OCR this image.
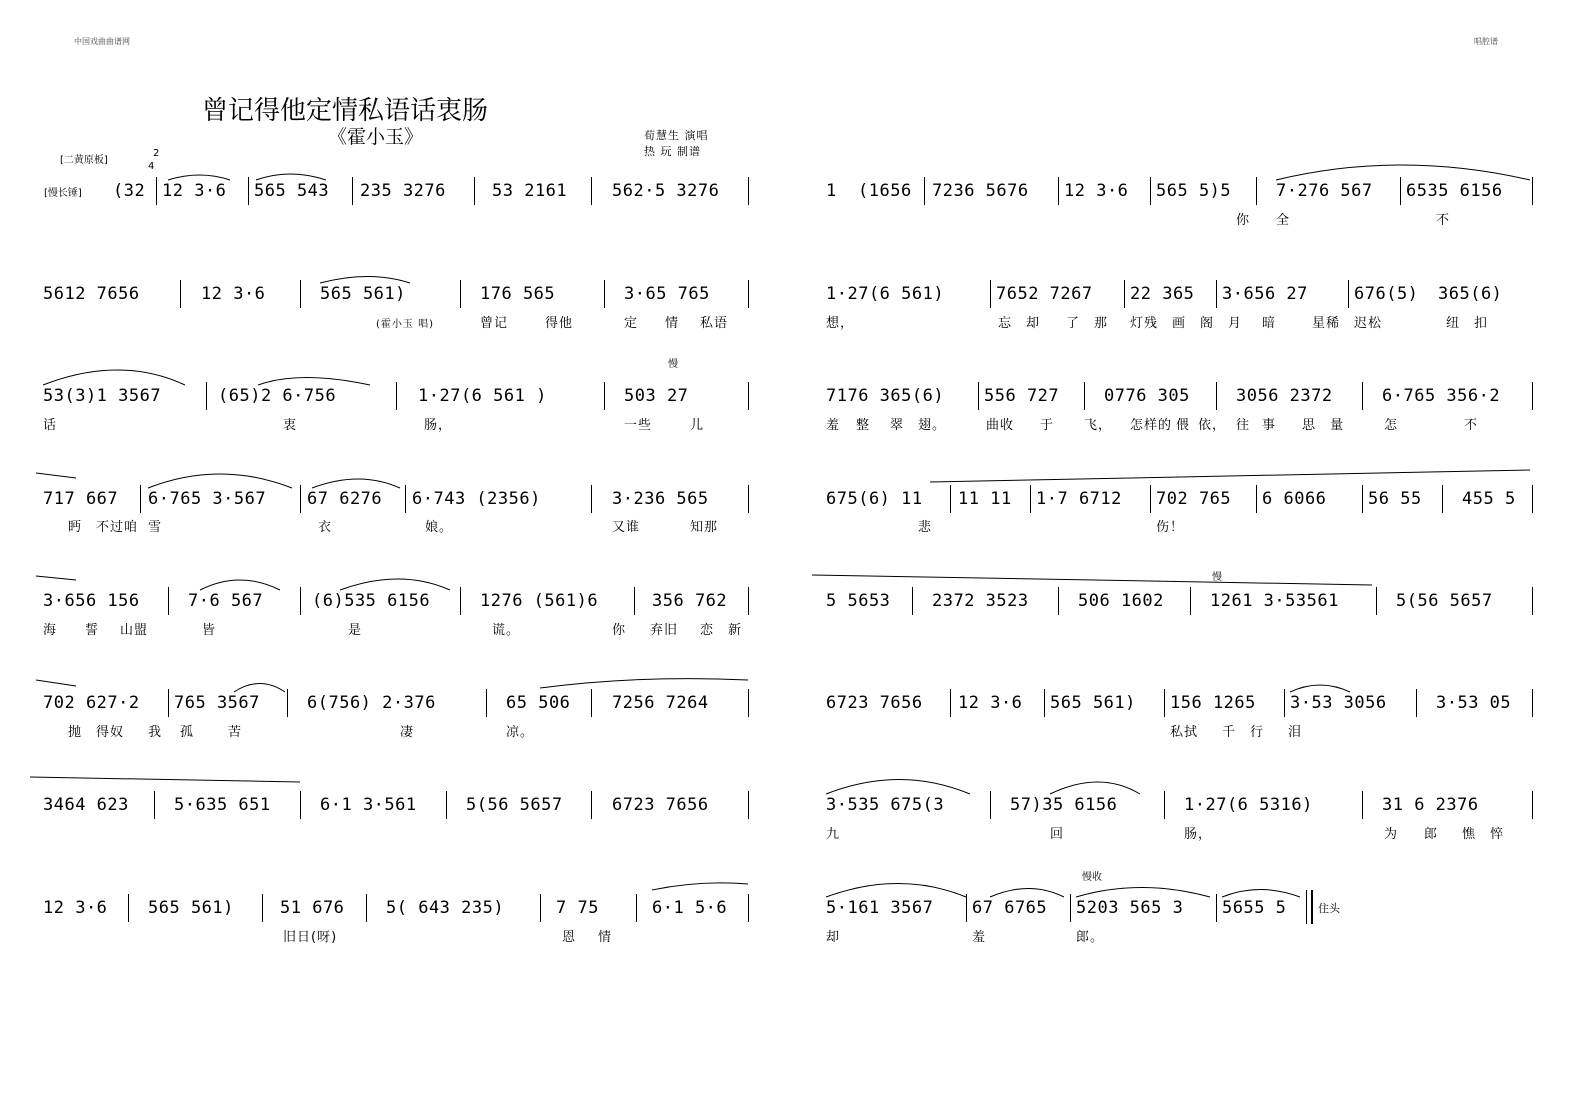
中国戏曲曲谱网	唱腔谱
曾记得他定情私语话衷肠
《霍小玉》	荀慧生 演唱
热 玩 制谱
[二黄原板]
[慢长锤]
2
4
(32 12 3·6 565 543 235 3276	53 2161	562·5 3276
5612 7656	12 3·6	565 561)	176 565	3·65 765
(霍小玉 唱)	曾记	得他	定 情 私语
53(3)1 3567	(65)2 6·756	1·27(6 561 )	503 27
慢
话	衷	肠，	一些	儿
717 667 6·765 3·567 67 6276 6·743 (2356)	3·236 565
眄 不过咱 雪	衣	娘。	又谁	知那
3·656 156	7·6 567	(6)535 6156	1276 (561)6	356 762
海 誓 山盟	皆	是	谎。	你 弃旧 恋 新
702 627·2 765 3567	6(756) 2·376	65 506 7256 7264
抛 得奴 我 孤	苦	凄	凉。
3464 623	5·635 651	6·1 3·561	5(56 5657	6723 7656
12 3·6 565 561)	51 676 5( 643 235)	7 75	6·1 5·6
旧日(呀)	恩 情
1 (1656 7236 5676 12 3·6 565 5)5	7·276 567 6535 6156
你 全	不
1·27(6 561)	7652 7267 22 365 3·656 27	676(5) 365(6)
想，	忘 却 了 那 灯残 画 阁 月 暗	星稀 迟松	纽 扣
7176 365(6) 556 727	0776 305	3056 2372	6·765 356·2
羞 整 翠 翅。	曲收 于 飞， 怎样的 偎 依， 往 事 思 量	怎	不
675(6) 11 11 11 1·7 6712 702 765 6 6066 56 55 455 5
悲	伤！
慢
5 5653 2372 3523	506 1602	1261 3·53561	5(56 5657
6723 7656 12 3·6 565 561) 156 1265 3·53 3056	3·53 05
私拭 千 行 泪
3·535 675(3	57)35 6156	1·27(6 5316)	31 6 2376
九	回	肠，	为 郎 憔 悴
慢收
5·161 3567 67 6765 5203 565 3 5655 5	住头
却	羞	郎。
